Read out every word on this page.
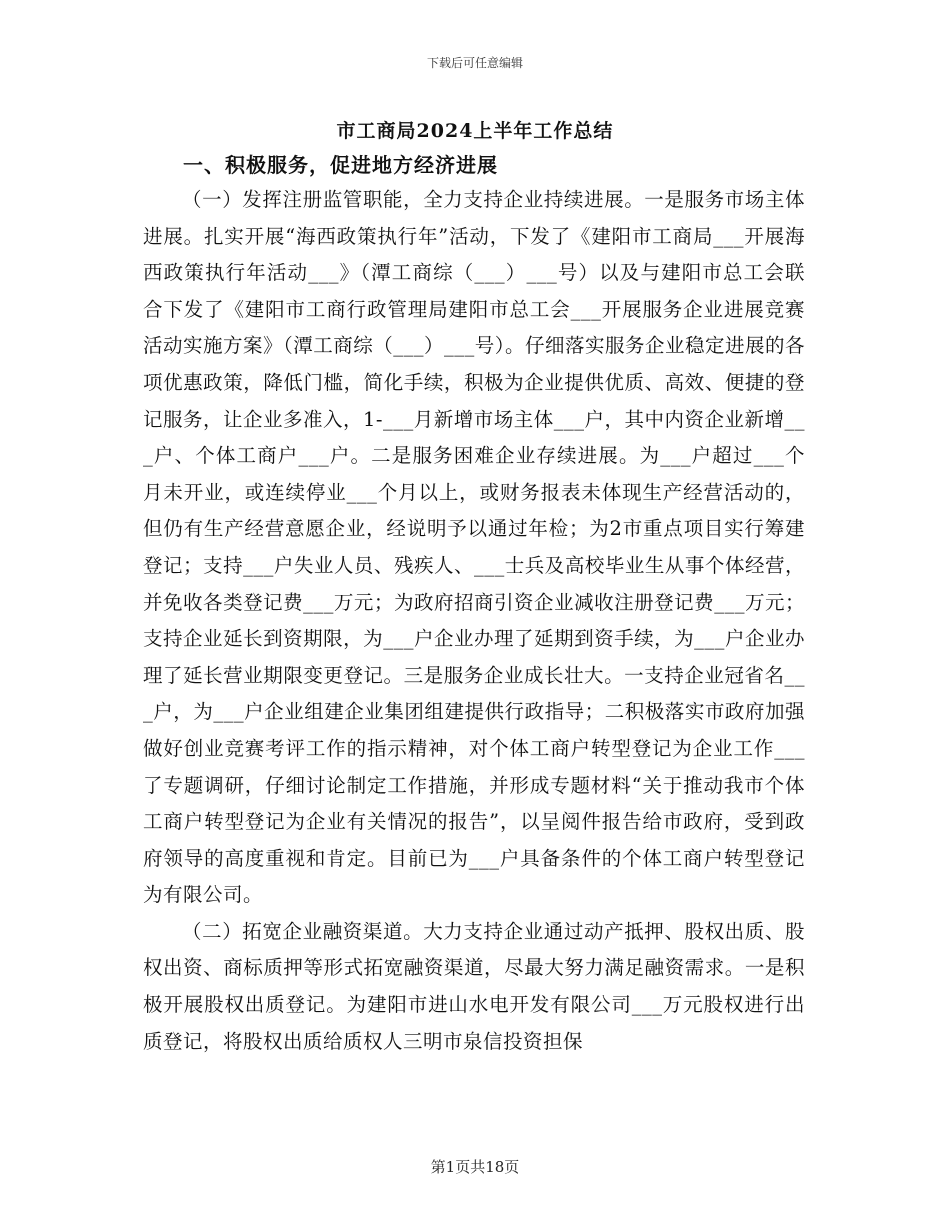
下载后可任意编辑
市工商局2024上半年工作总结
一、积极服务，促进地方经济进展

（一）发挥注册监管职能，全力支持企业持续进展。一是服务市场主体进展。扎实开展“海西政策执行年”活动，下发了《建阳市工商局___开展海西政策执行年活动___》（潭工商综（___）___号）以及与建阳市总工会联合下发了《建阳市工商行政管理局建阳市总工会___开展服务企业进展竞赛活动实施方案》（潭工商综（___）___号）。仔细落实服务企业稳定进展的各项优惠政策，降低门槛，简化手续，积极为企业提供优质、高效、便捷的登记服务，让企业多准入，1-___月新增市场主体___户，其中内资企业新增___户、个体工商户___户。二是服务困难企业存续进展。为___户超过___个月未开业，或连续停业___个月以上，或财务报表未体现生产经营活动的，但仍有生产经营意愿企业，经说明予以通过年检；为2市重点项目实行筹建登记；支持___户失业人员、残疾人、___士兵及高校毕业生从事个体经营，并免收各类登记费___万元；为政府招商引资企业减收注册登记费___万元；支持企业延长到资期限，为___户企业办理了延期到资手续，为___户企业办理了延长营业期限变更登记。三是服务企业成长壮大。一支持企业冠省名___户，为___户企业组建企业集团组建提供行政指导；二积极落实市政府加强做好创业竞赛考评工作的指示精神，对个体工商户转型登记为企业工作___了专题调研，仔细讨论制定工作措施，并形成专题材料“关于推动我市个体工商户转型登记为企业有关情况的报告”，以呈阅件报告给市政府，受到政府领导的高度重视和肯定。目前已为___户具备条件的个体工商户转型登记为有限公司。

（二）拓宽企业融资渠道。大力支持企业通过动产抵押、股权出质、股权出资、商标质押等形式拓宽融资渠道，尽最大努力满足融资需求。一是积极开展股权出质登记。为建阳市进山水电开发有限公司___万元股权进行出质登记，将股权出质给质权人三明市泉信投资担保

第1页共18页
